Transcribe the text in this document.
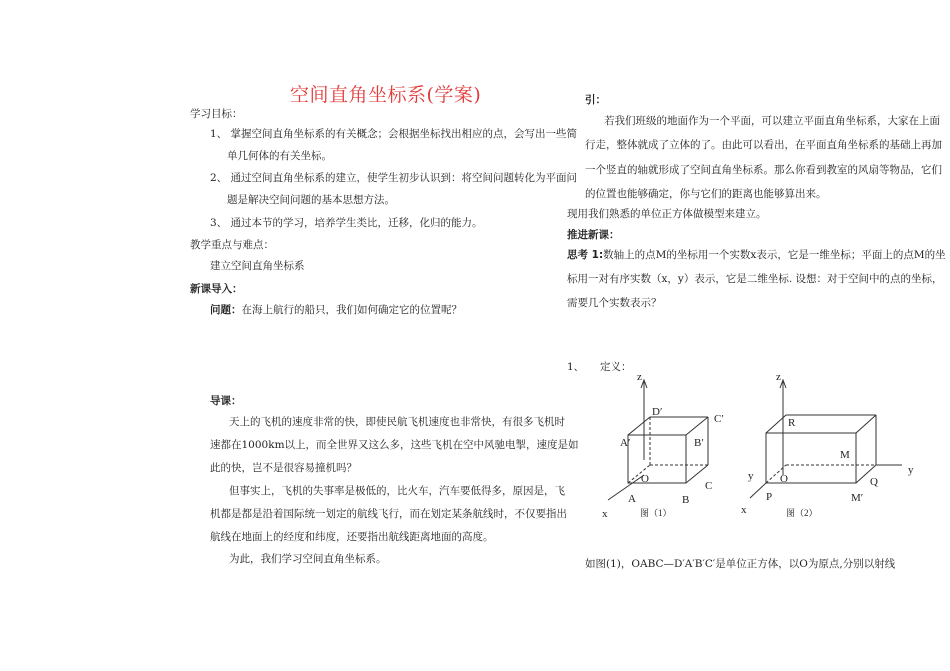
空间直角坐标系(学案)
学习目标：
1、 掌握空间直角坐标系的有关概念；会根据坐标找出相应的点，会写出一些简
单几何体的有关坐标。
2、 通过空间直角坐标系的建立，使学生初步认识到：将空间问题转化为平面问
题是解决空间问题的基本思想方法。
3、 通过本节的学习，培养学生类比，迁移，化归的能力。
教学重点与难点：
建立空间直角坐标系
新课导入：
问题：在海上航行的船只，我们如何确定它的位置呢？
导课：
天上的飞机的速度非常的快，即使民航飞机速度也非常快，有很多飞机时
速都在1000km以上，而全世界又这么多，这些飞机在空中风驰电掣，速度是如
此的快，岂不是很容易撞机吗？
但事实上，飞机的失事率是极低的，比火车，汽车要低得多，原因是，飞
机都是都是沿着国际统一划定的航线飞行，而在划定某条航线时，不仅要指出
航线在地面上的经度和纬度，还要指出航线距离地面的高度。
为此，我们学习空间直角坐标系。
引：
若我们班级的地面作为一个平面，可以建立平面直角坐标系，大家在上面
行走，整体就成了立体的了。由此可以看出，在平面直角坐标系的基础上再加
一个竖直的轴就形成了空间直角坐标系。那么你看到教室的风扇等物品，它们
的位置也能够确定，你与它们的距离也能够算出来。
现用我们熟悉的单位正方体做模型来建立。
推进新课：
思考 1:数轴上的点M的坐标用一个实数x表示，它是一维坐标；平面上的点M的坐
标用一对有序实数（x，y）表示，它是二维坐标. 设想：对于空间中的点的坐标，
需要几个实数表示？
1、 定义：
z
D′
C′
A′	B′
O
C
A	B
x	图（1）
z
R
M
y	y
O	Q
P	M′
x	图（2）
如图(1)，OABC—D′A′B′C′是单位正方体，以O为原点,分别以射线
